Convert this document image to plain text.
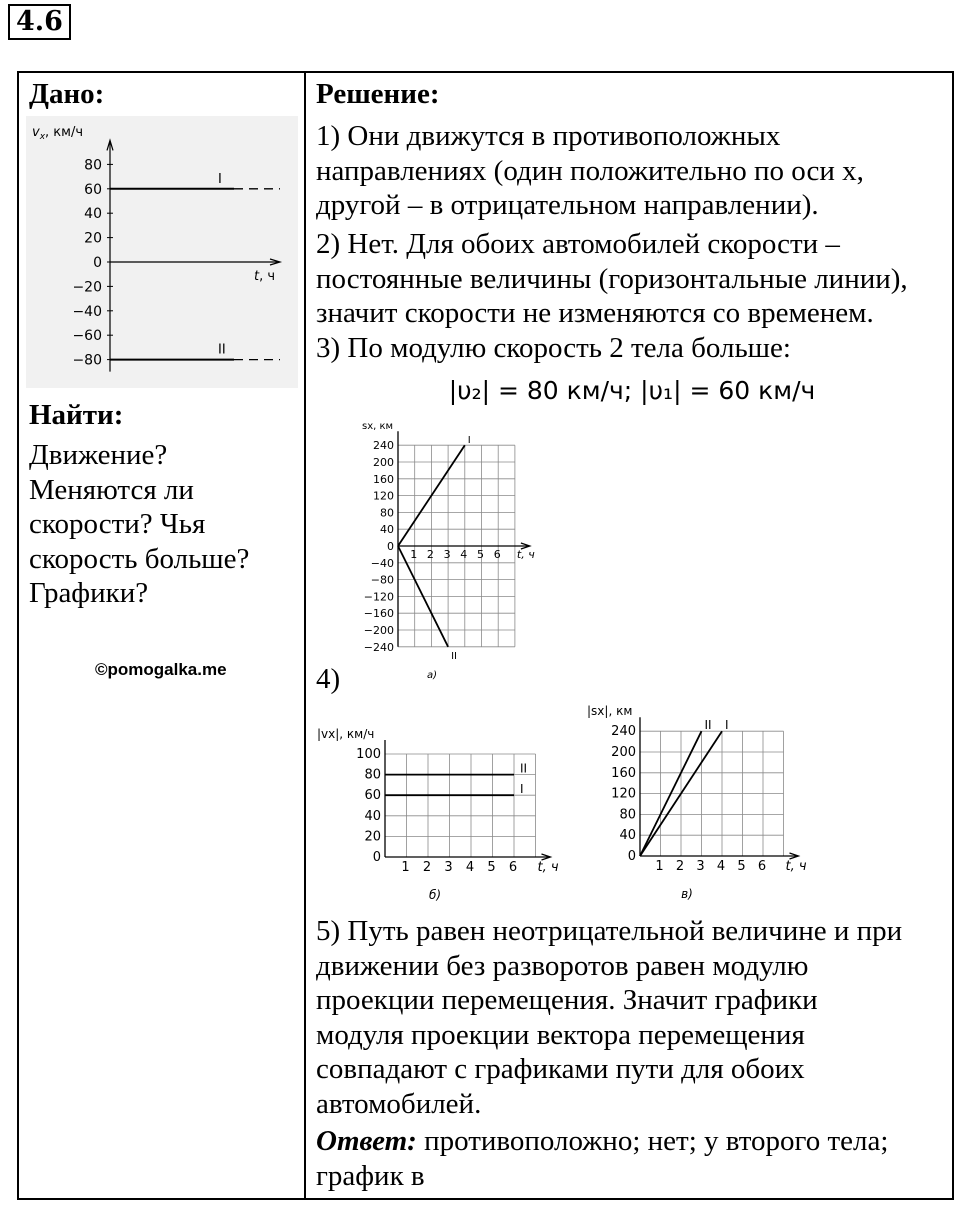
4.6
Дано:
80
60
40
20
0
−20
−40
−60
−80
$v_x$, км/ч
t, ч
I
II
Найти:
Движение?
Меняются ли
скорости? Чья
скорость больше?
Графики?
©pomogalka.me
Решение:
1) Они движутся в противоположных
направлениях (один положительно по оси x,
другой – в отрицательном направлении).
2) Нет. Для обоих автомобилей скорости –
постоянные величины (горизонтальные линии),
значит скорости не изменяются со временем.
3) По модулю скорость 2 тела больше:
|υ₂| = 80 км/ч; |υ₁| = 60 км/ч
240
200
160
120
80
40
0
−40
−80
−120
−160
−200
−240
1 2 3 4 5 6 t, ч
sx, км
I
II
а)
4)
100
80
60
40
20
0
1 2 3 4 5 6 t, ч
|vx|, км/ч
II
I
б)
240
200
160
120
80
40
0
1 2 3 4 5 6 t, ч
|sx|, км
II I
в)
5) Путь равен неотрицательной величине и при
движении без разворотов равен модулю
проекции перемещения. Значит графики
модуля проекции вектора перемещения
совпадают с графиками пути для обоих
автомобилей.
Ответ: противоположно; нет; у второго тела;
график в
